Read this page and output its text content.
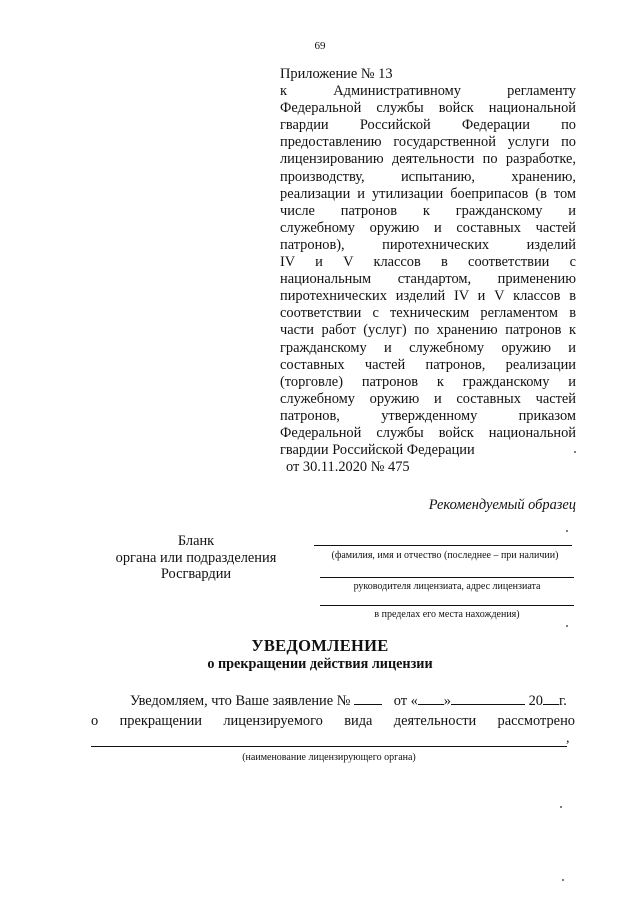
69
Приложение № 13
к Административному регламенту
Федеральной службы войск национальной
гвардии Российской Федерации по
предоставлению государственной услуги по
лицензированию деятельности по разработке,
производству, испытанию, хранению,
реализации и утилизации боеприпасов (в том
числе патронов к гражданскому и
служебному оружию и составных частей
патронов), пиротехнических изделий
IV и V классов в соответствии с
национальным стандартом, применению
пиротехнических изделий IV и V классов в
соответствии с техническим регламентом в
части работ (услуг) по хранению патронов к
гражданскому и служебному оружию и
составных частей патронов, реализации
(торговле) патронов к гражданскому и
служебному оружию и составных частей
патронов, утвержденному приказом
Федеральной службы войск национальной
гвардии Российской Федерации
от 30.11.2020 № 475
Рекомендуемый образец
Бланк
органа или подразделения
Росгвардии
(фамилия, имя и отчество (последнее – при наличии)
руководителя лицензиата, адрес лицензиата
в пределах его места нахождения)
УВЕДОМЛЕНИЕ
о прекращении действия лицензии
Уведомляем, что Ваше заявление №	от « »	20 г.
о прекращении лицензируемого вида деятельности рассмотрено
,
(наименование лицензирующего органа)
